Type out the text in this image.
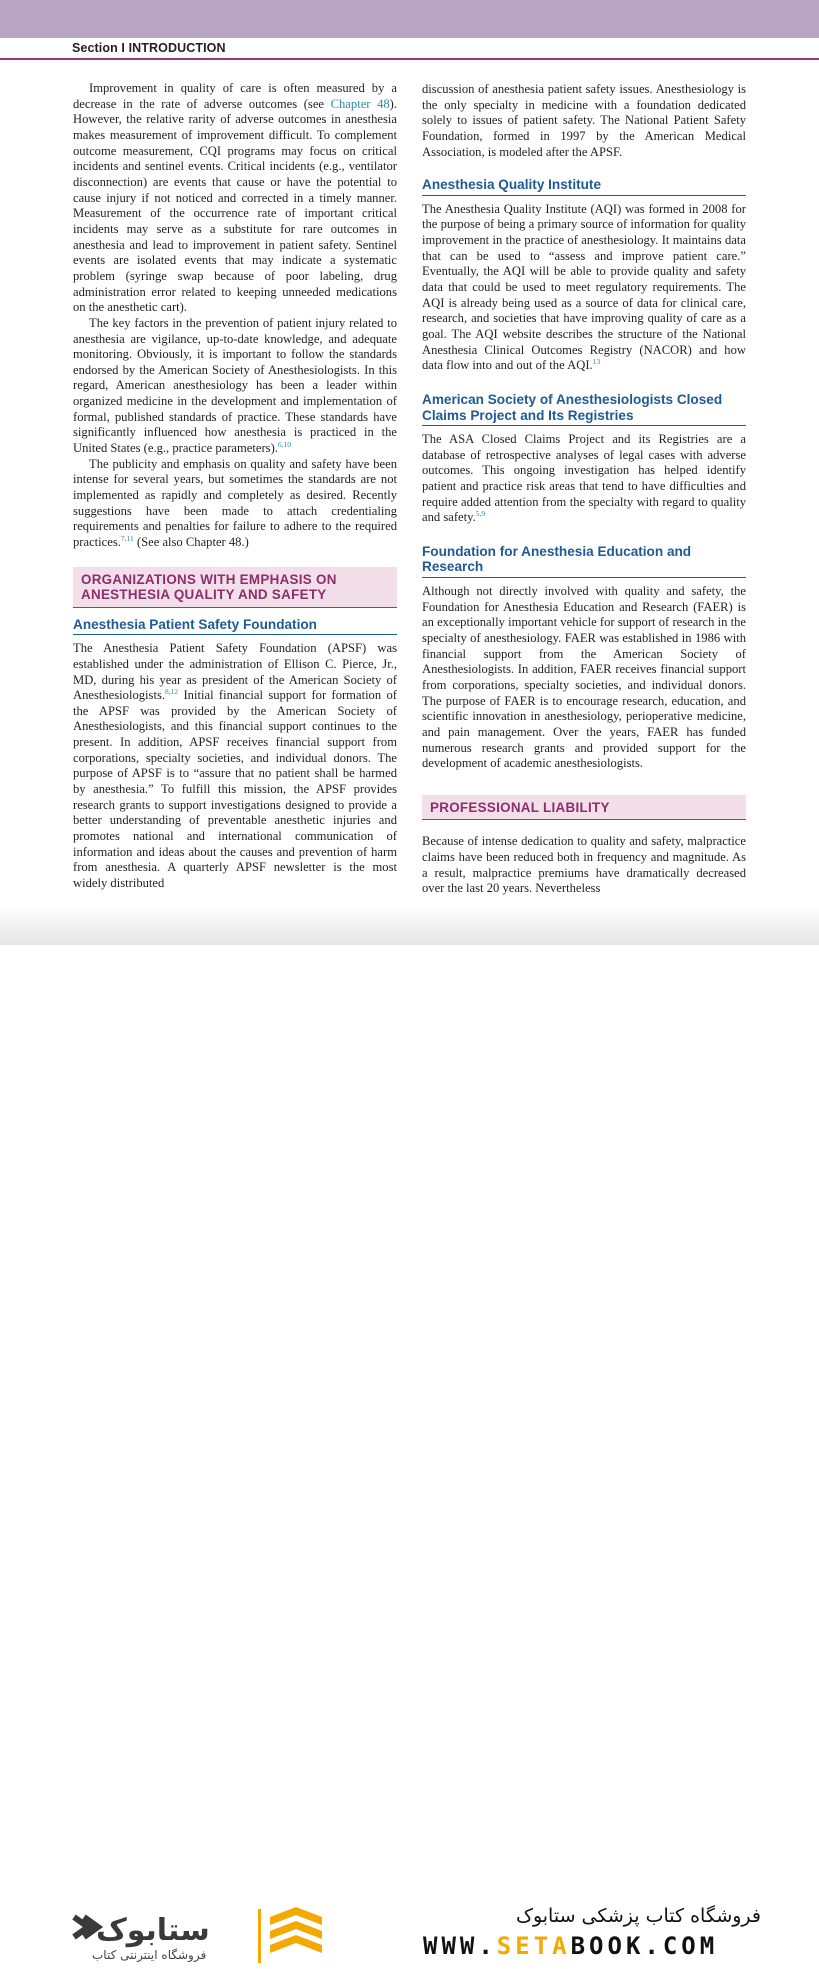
Section I INTRODUCTION

Improvement in quality of care is often measured by a decrease in the rate of adverse outcomes (see Chapter 48). However, the relative rarity of adverse outcomes in anesthesia makes measurement of improvement difficult. To complement outcome measurement, CQI programs may focus on critical incidents and sentinel events. Critical incidents (e.g., ventilator disconnection) are events that cause or have the potential to cause injury if not noticed and corrected in a timely manner. Measurement of the occurrence rate of important critical incidents may serve as a substitute for rare outcomes in anesthesia and lead to improvement in patient safety. Sentinel events are isolated events that may indicate a systematic problem (syringe swap because of poor labeling, drug administration error related to keeping unneeded medications on the anesthetic cart).

The key factors in the prevention of patient injury related to anesthesia are vigilance, up-to-date knowledge, and adequate monitoring. Obviously, it is important to follow the standards endorsed by the American Society of Anesthesiologists. In this regard, American anesthesiology has been a leader within organized medicine in the development and implementation of formal, published standards of practice. These standards have significantly influenced how anesthesia is practiced in the United States (e.g., practice parameters).$^{6,10}$

The publicity and emphasis on quality and safety have been intense for several years, but sometimes the standards are not implemented as rapidly and completely as desired. Recently suggestions have been made to attach credentialing requirements and penalties for failure to adhere to the required practices.$^{7,11}$ (See also Chapter 48.)

ORGANIZATIONS WITH EMPHASIS ON ANESTHESIA QUALITY AND SAFETY
Anesthesia Patient Safety Foundation

The Anesthesia Patient Safety Foundation (APSF) was established under the administration of Ellison C. Pierce, Jr., MD, during his year as president of the American Society of Anesthesiologists.$^{8,12}$ Initial financial support for formation of the APSF was provided by the American Society of Anesthesiologists, and this financial support continues to the present. In addition, APSF receives financial support from corporations, specialty societies, and individual donors. The purpose of APSF is to “assure that no patient shall be harmed by anesthesia.” To fulfill this mission, the APSF provides research grants to support investigations designed to provide a better understanding of preventable anesthetic injuries and promotes national and international communication of information and ideas about the causes and prevention of harm from anesthesia. A quarterly APSF newsletter is the most widely distributed

discussion of anesthesia patient safety issues. Anesthesiology is the only specialty in medicine with a foundation dedicated solely to issues of patient safety. The National Patient Safety Foundation, formed in 1997 by the American Medical Association, is modeled after the APSF.

Anesthesia Quality Institute

The Anesthesia Quality Institute (AQI) was formed in 2008 for the purpose of being a primary source of information for quality improvement in the practice of anesthesiology. It maintains data that can be used to “assess and improve patient care.” Eventually, the AQI will be able to provide quality and safety data that could be used to meet regulatory requirements. The AQI is already being used as a source of data for clinical care, research, and societies that have improving quality of care as a goal. The AQI website describes the structure of the National Anesthesia Clinical Outcomes Registry (NACOR) and how data flow into and out of the AQI.$^{13}$

American Society of Anesthesiologists Closed Claims Project and Its Registries

The ASA Closed Claims Project and its Registries are a database of retrospective analyses of legal cases with adverse outcomes. This ongoing investigation has helped identify patient and practice risk areas that tend to have difficulties and require added attention from the specialty with regard to quality and safety.$^{5,9}$

Foundation for Anesthesia Education and Research

Although not directly involved with quality and safety, the Foundation for Anesthesia Education and Research (FAER) is an exceptionally important vehicle for support of research in the specialty of anesthesiology. FAER was established in 1986 with financial support from the American Society of Anesthesiologists. In addition, FAER receives financial support from corporations, specialty societies, and individual donors. The purpose of FAER is to encourage research, education, and scientific innovation in anesthesiology, perioperative medicine, and pain management. Over the years, FAER has funded numerous research grants and provided support for the development of academic anesthesiologists.

PROFESSIONAL LIABILITY

Because of intense dedication to quality and safety, malpractice claims have been reduced both in frequency and magnitude. As a result, malpractice premiums have dramatically decreased over the last 20 years. Nevertheless

ستابوک
فروشگاه اینترنتی کتاب
فروشگاه کتاب پزشکی ستابوک
WWW.SETABOOK.COM
